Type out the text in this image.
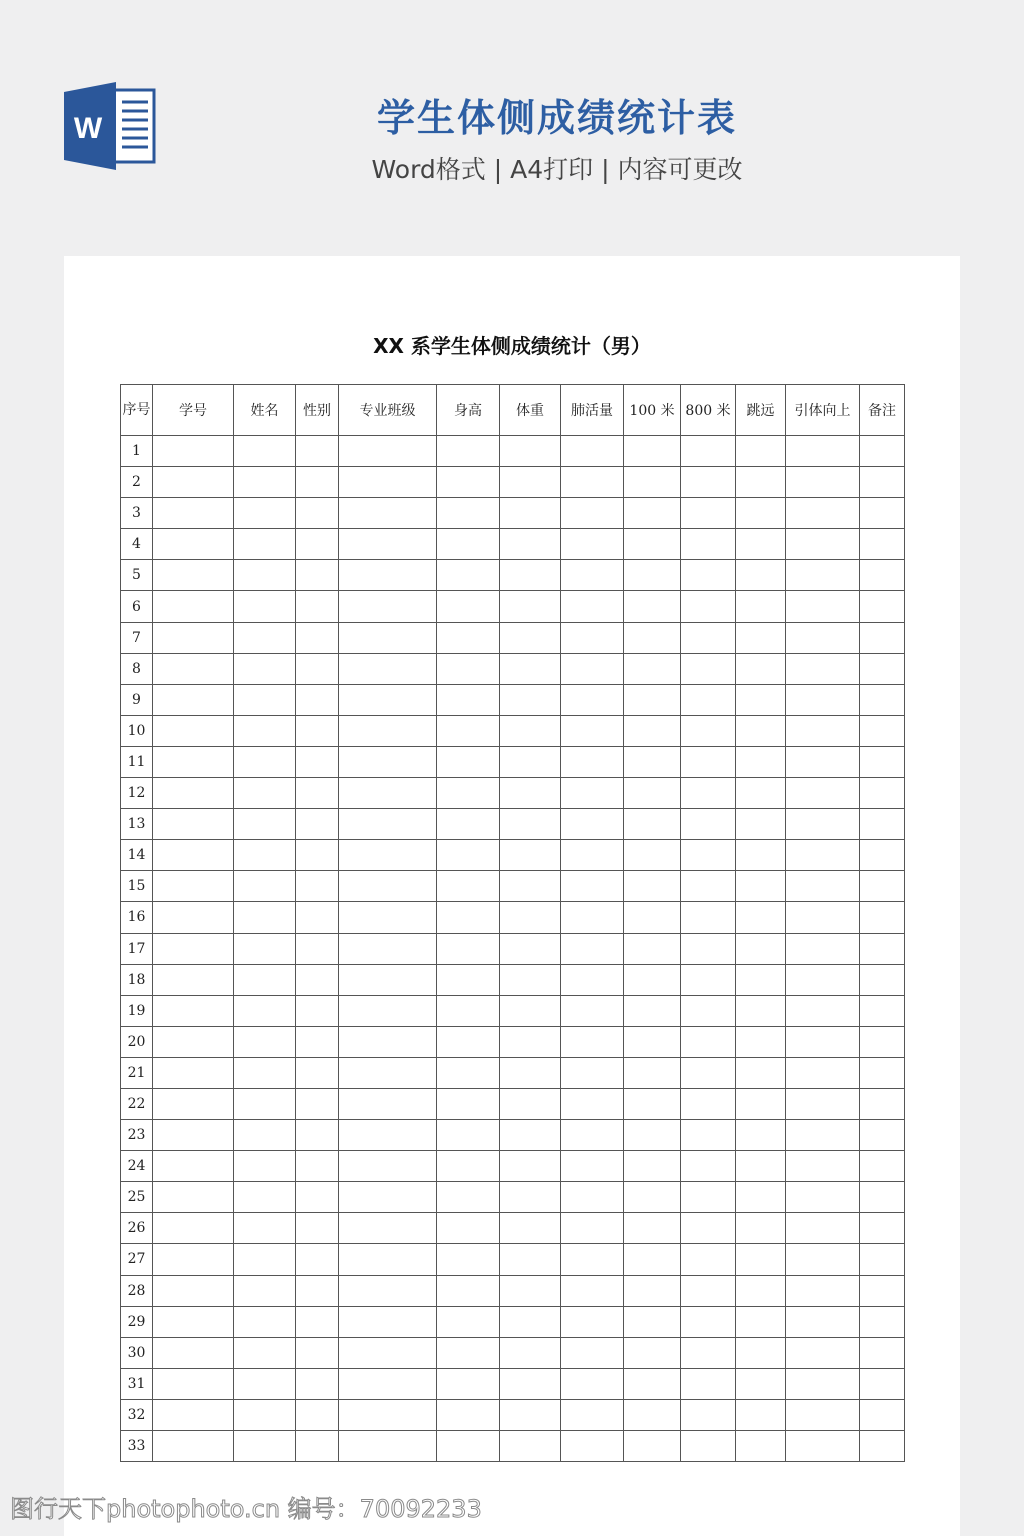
W	学生体侧成绩统计表
Word格式 | A4打印 | 内容可更改
XX 系学生体侧成绩统计（男）
序号	学号	姓名	性别	专业班级	身高	体重	肺活量	100 米	800 米	跳远	引体向上	备注
1												
2												
3												
4												
5												
6												
7												
8												
9												
10												
11												
12												
13												
14												
15												
16												
17												
18												
19												
20												
21												
22												
23												
24												
25												
26												
27												
28												
29												
30												
31												
32												
33												
图行天下photophoto.cn 编号：70092233
